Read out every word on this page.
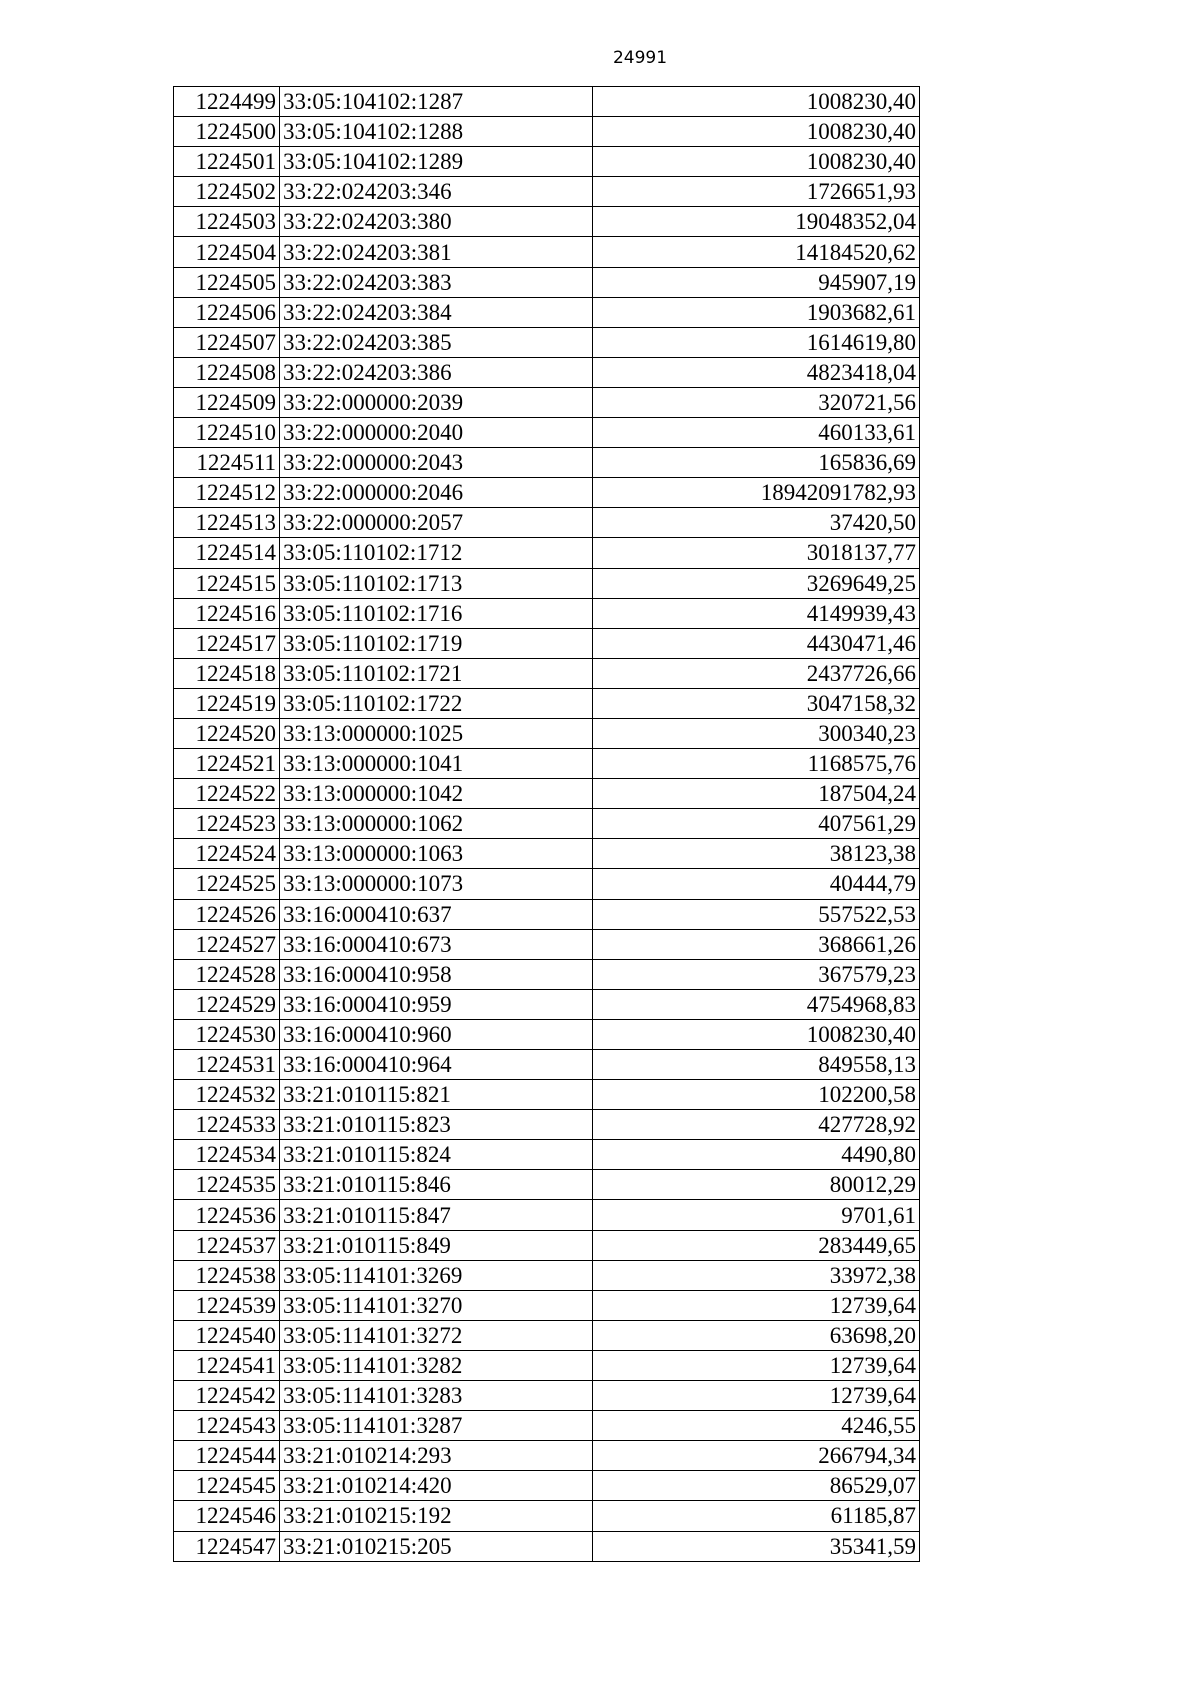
24991
1224499	33:05:104102:1287	1008230,40
1224500	33:05:104102:1288	1008230,40
1224501	33:05:104102:1289	1008230,40
1224502	33:22:024203:346	1726651,93
1224503	33:22:024203:380	19048352,04
1224504	33:22:024203:381	14184520,62
1224505	33:22:024203:383	945907,19
1224506	33:22:024203:384	1903682,61
1224507	33:22:024203:385	1614619,80
1224508	33:22:024203:386	4823418,04
1224509	33:22:000000:2039	320721,56
1224510	33:22:000000:2040	460133,61
1224511	33:22:000000:2043	165836,69
1224512	33:22:000000:2046	18942091782,93
1224513	33:22:000000:2057	37420,50
1224514	33:05:110102:1712	3018137,77
1224515	33:05:110102:1713	3269649,25
1224516	33:05:110102:1716	4149939,43
1224517	33:05:110102:1719	4430471,46
1224518	33:05:110102:1721	2437726,66
1224519	33:05:110102:1722	3047158,32
1224520	33:13:000000:1025	300340,23
1224521	33:13:000000:1041	1168575,76
1224522	33:13:000000:1042	187504,24
1224523	33:13:000000:1062	407561,29
1224524	33:13:000000:1063	38123,38
1224525	33:13:000000:1073	40444,79
1224526	33:16:000410:637	557522,53
1224527	33:16:000410:673	368661,26
1224528	33:16:000410:958	367579,23
1224529	33:16:000410:959	4754968,83
1224530	33:16:000410:960	1008230,40
1224531	33:16:000410:964	849558,13
1224532	33:21:010115:821	102200,58
1224533	33:21:010115:823	427728,92
1224534	33:21:010115:824	4490,80
1224535	33:21:010115:846	80012,29
1224536	33:21:010115:847	9701,61
1224537	33:21:010115:849	283449,65
1224538	33:05:114101:3269	33972,38
1224539	33:05:114101:3270	12739,64
1224540	33:05:114101:3272	63698,20
1224541	33:05:114101:3282	12739,64
1224542	33:05:114101:3283	12739,64
1224543	33:05:114101:3287	4246,55
1224544	33:21:010214:293	266794,34
1224545	33:21:010214:420	86529,07
1224546	33:21:010215:192	61185,87
1224547	33:21:010215:205	35341,59
